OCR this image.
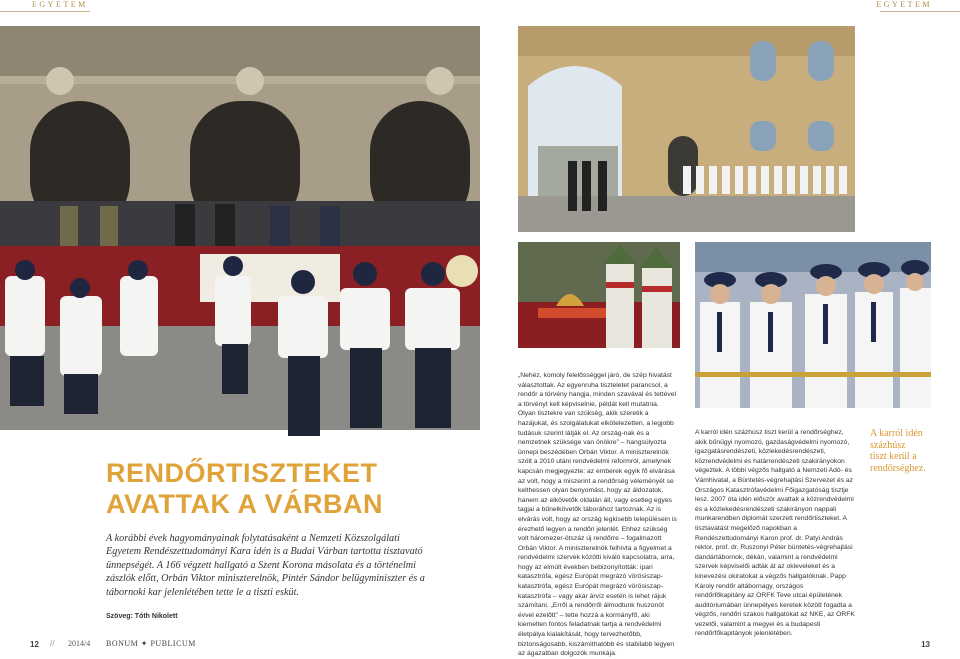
EGYETEM	EGYETEM
RENDŐRTISZTEKET
AVATTAK A VÁRBAN

A korábbi évek hagyományainak folytatásaként a Nemzeti Közszolgálati Egyetem Rendészettudományi Kara idén is a Budai Várban tartotta tisztavató ünnepségét. A 166 végzett hallgató a Szent Korona másolata és a történelmi zászlók előtt, Orbán Viktor miniszterelnök, Pintér Sándor belügyminiszter és a tábornoki kar jelenlétében tette le a tiszti esküt.

Szöveg: Tóth Nikolett
„Nehéz, komoly felelősséggel járó, de szép hivatást választottak. Az egyenruha tiszteletet parancsol, a rendőr a törvény hangja, minden szavával és tettével a törvényt kell képviselnie, példát kell mutatnia. Olyan tisztekre van szükség, akik szeretik a hazájukat, és szolgálatukat elkötelezetten, a legjobb tudásuk szerint látják el. Az ország-nak és a nemzetnek szüksége van önökre” – hangsúlyozta ünnepi beszédében Orbán Viktor. A miniszterelnök szólt a 2010 utáni rendvédelmi reformról, amelynek kapcsán megjegyezte: az emberek egyik fő elvárása az volt, hogy a miszerint a rendőrség véleményét se kelthessen olyan benyomást, hogy az áldozatok, hanem az elkövetők oldalán áll, vagy esetleg egyes tagjai a bűnelkövetők táborához tartoznak. Az is elvárás volt, hogy az ország legkisebb településein is érezhető legyen a rendőri jelenlét. Ehhez szükség volt háromezer-ötszáz új rendőrre – fogalmazott Orbán Viktor. A miniszterelnök felhívta a figyelmet a rendvédelmi szervek közötti kiváló kapcsolatra, arra, hogy az elmúlt években bebizonyították: ipari katasztrófa, egész Európát megrázó vörösiszap-katasztrófa, egész Európát megrázó vörösiszap-katasztrófa – vagy akár árvíz esetén is lehet rájuk számítani. „Erről a rendőrről álmodtunk huszonöt évvel ezelőtt” – tette hozzá a kormányfő, aki kiemelten fontos feladatnak tartja a rendvédelmi életpálya kialakítását, hogy tervezhetőbb, biztonságosabb, kiszámíthatóbb és stabilabb legyen az ágazatban dolgozók munkája.
A karról idén százhúsz tiszt kerül a rendőrséghez, akik bűnügyi nyomozó, gazdaságvédelmi nyomozó, igazgatásrendészeti, közlekedésrendészeti, közrendvédelmi és határrendészeti szakirányokon végeztek. A többi végzős hallgató a Nemzeti Adó- és Vámhivatal, a Büntetés-végrehajtási Szervezet és az Országos Katasztrófavédelmi Főigazgatóság tisztje lesz. 2007 óta idén először avattak a közrendvédelmi és a közlekedésrendészeti szakirányon nappali munkarendben diplomát szerzett rendőrtiszteket. A tisztavatást megelőző napokban a Rendészettudományi Karon prof. dr. Patyi András rektor, prof. dr. Ruszonyi Péter büntetés-végrehajtási dandártábornok, dékán, valamint a rendvédelmi szervek képviselői adták át az okleveleket és a kinevezési okiratokat a végzős hallgatóknak. Papp Károly rendőr altábornagy, országos rendőrfőkapitány az ORFK Teve utcai épületének auditóriumában ünnepélyes keretek között fogadta a végzős, rendőri szakos hallgatókat az NKE, az ORFK vezetői, valamint a megyei és a budapesti rendőrfőkapitányok jelenlétében.
A karról idén
százhúsz
tiszt kerül a
rendőrséghez.
12 // 2014/4 BONUM ✦ PUBLICUM	13
